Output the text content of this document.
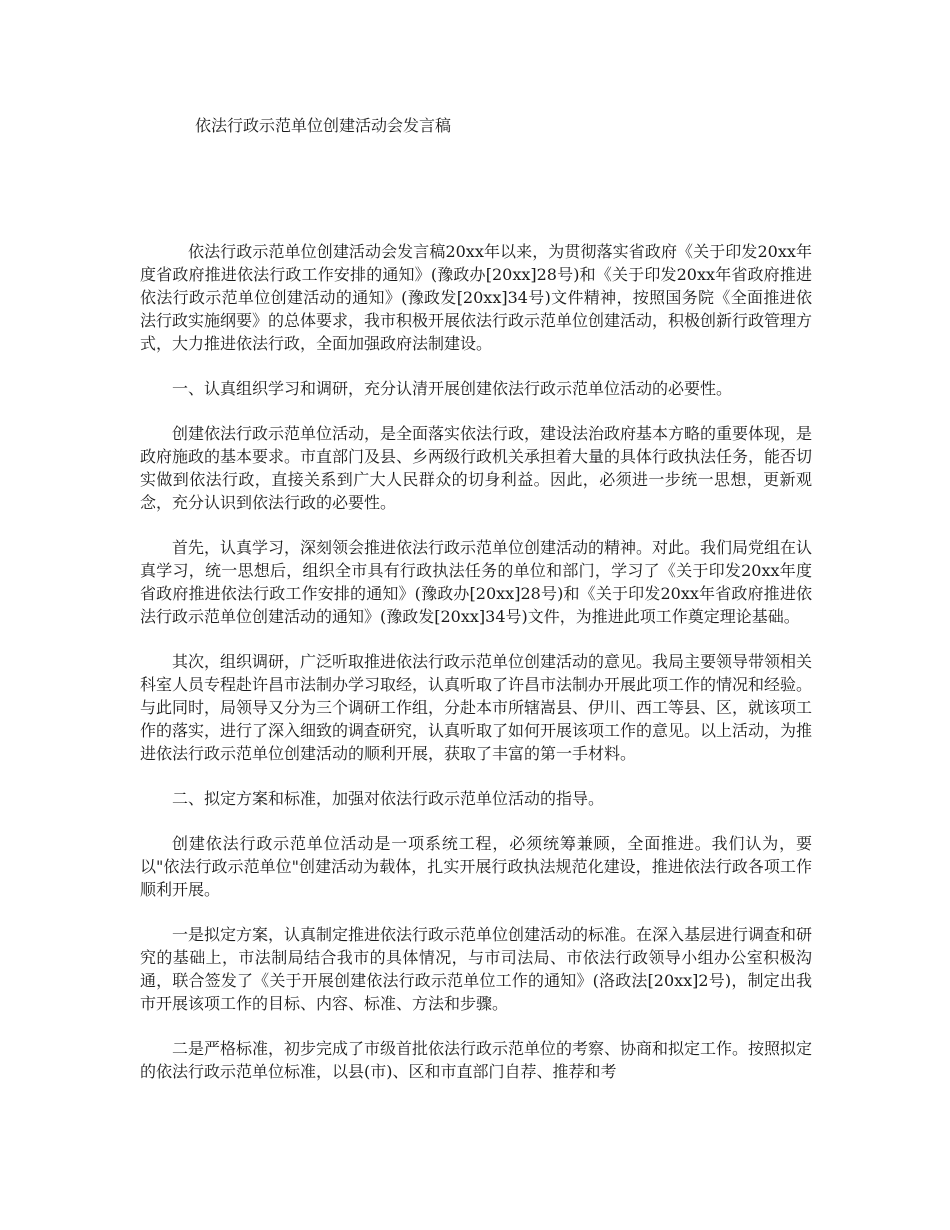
依法行政示范单位创建活动会发言稿

依法行政示范单位创建活动会发言稿20xx年以来，为贯彻落实省政府《关于印发20xx年度省政府推进依法行政工作安排的通知》(豫政办[20xx]28号)和《关于印发20xx年省政府推进依法行政示范单位创建活动的通知》(豫政发[20xx]34号)文件精神，按照国务院《全面推进依法行政实施纲要》的总体要求，我市积极开展依法行政示范单位创建活动，积极创新行政管理方式，大力推进依法行政，全面加强政府法制建设。

一、认真组织学习和调研，充分认清开展创建依法行政示范单位活动的必要性。

创建依法行政示范单位活动，是全面落实依法行政，建设法治政府基本方略的重要体现，是政府施政的基本要求。市直部门及县、乡两级行政机关承担着大量的具体行政执法任务，能否切实做到依法行政，直接关系到广大人民群众的切身利益。因此，必须进一步统一思想，更新观念，充分认识到依法行政的必要性。

首先，认真学习，深刻领会推进依法行政示范单位创建活动的精神。对此。我们局党组在认真学习，统一思想后，组织全市具有行政执法任务的单位和部门，学习了《关于印发20xx年度省政府推进依法行政工作安排的通知》(豫政办[20xx]28号)和《关于印发20xx年省政府推进依法行政示范单位创建活动的通知》(豫政发[20xx]34号)文件，为推进此项工作奠定理论基础。

其次，组织调研，广泛听取推进依法行政示范单位创建活动的意见。我局主要领导带领相关科室人员专程赴许昌市法制办学习取经，认真听取了许昌市法制办开展此项工作的情况和经验。与此同时，局领导又分为三个调研工作组，分赴本市所辖嵩县、伊川、西工等县、区，就该项工作的落实，进行了深入细致的调查研究，认真听取了如何开展该项工作的意见。以上活动，为推进依法行政示范单位创建活动的顺利开展，获取了丰富的第一手材料。

二、拟定方案和标准，加强对依法行政示范单位活动的指导。

创建依法行政示范单位活动是一项系统工程，必须统筹兼顾，全面推进。我们认为，要以"依法行政示范单位"创建活动为载体，扎实开展行政执法规范化建设，推进依法行政各项工作顺利开展。

一是拟定方案，认真制定推进依法行政示范单位创建活动的标准。在深入基层进行调查和研究的基础上，市法制局结合我市的具体情况，与市司法局、市依法行政领导小组办公室积极沟通，联合签发了《关于开展创建依法行政示范单位工作的通知》(洛政法[20xx]2号)，制定出我市开展该项工作的目标、内容、标准、方法和步骤。

二是严格标准，初步完成了市级首批依法行政示范单位的考察、协商和拟定工作。按照拟定的依法行政示范单位标准，以县(市)、区和市直部门自荐、推荐和考
